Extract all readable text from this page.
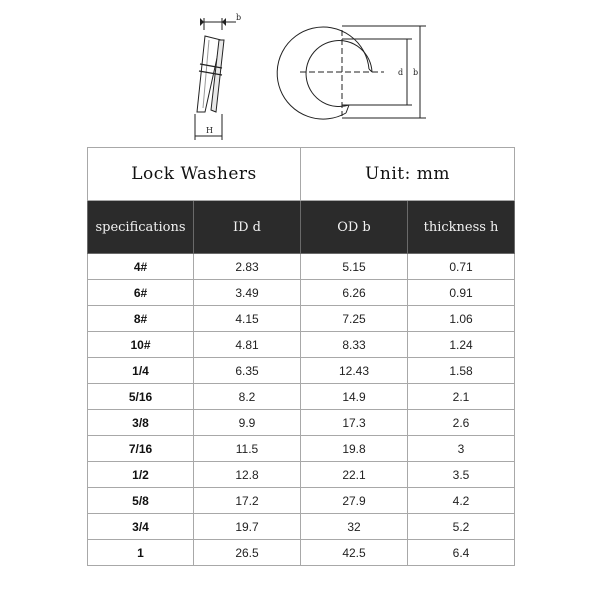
b
H
d b
Lock Washers		Unit: mm	
specifications	ID d	OD b	thickness h
4#	2.83	5.15	0.71
6#	3.49	6.26	0.91
8#	4.15	7.25	1.06
10#	4.81	8.33	1.24
1/4	6.35	12.43	1.58
5/16	8.2	14.9	2.1
3/8	9.9	17.3	2.6
7/16	11.5	19.8	3
1/2	12.8	22.1	3.5
5/8	17.2	27.9	4.2
3/4	19.7	32	5.2
1	26.5	42.5	6.4
